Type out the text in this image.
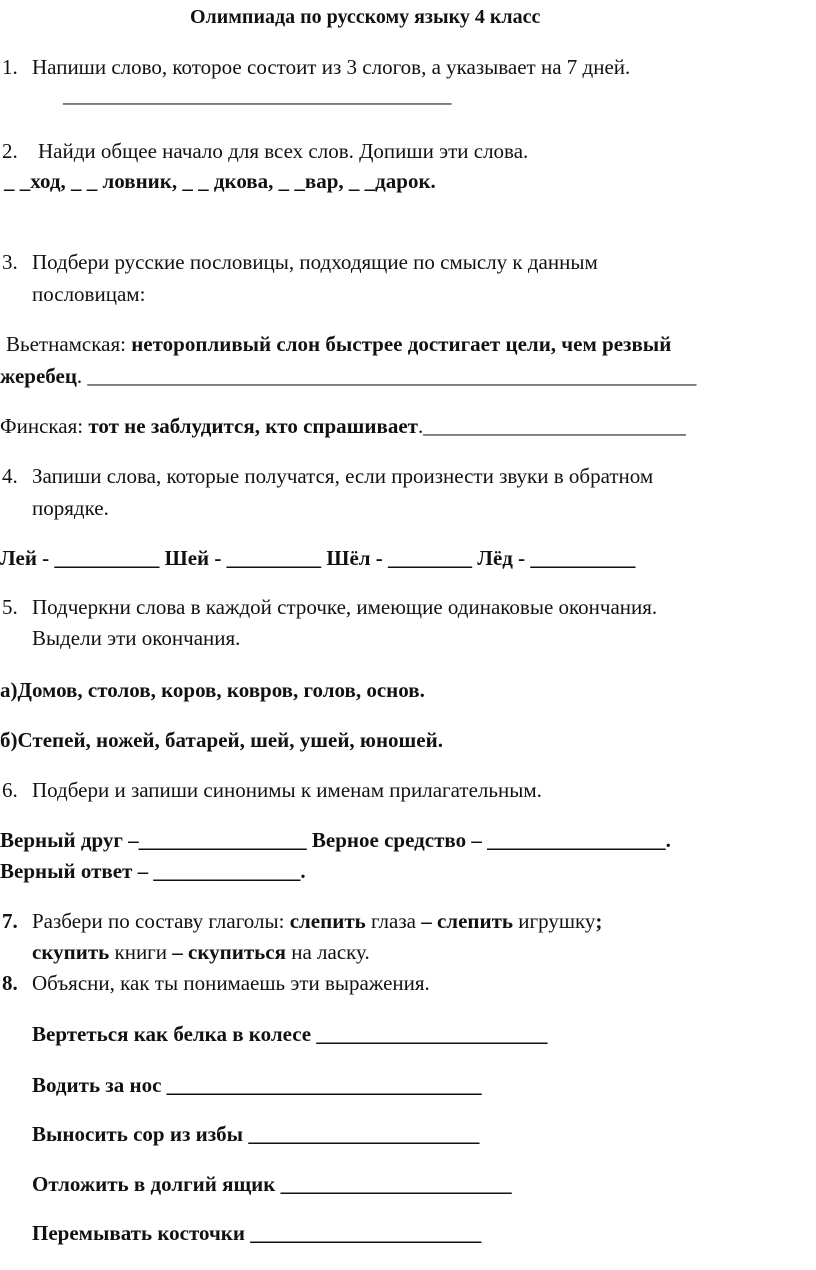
Олимпиада по русскому языку 4 класс
1. Напиши слово, которое состоит из 3 слогов, а указывает на 7 дней.
_____________________________________
2. Найди общее начало для всех слов. Допиши эти слова.
_ _ход, _ _ ловник, _ _ дкова, _ _вар, _ _дарок.
3. Подбери русские пословицы, подходящие по смыслу к данным
пословицам:
Вьетнамская: неторопливый слон быстрее достигает цели, чем резвый
жеребец. __________________________________________________________
Финская: тот не заблудится, кто спрашивает._________________________
4. Запиши слова, которые получатся, если произнести звуки в обратном
порядке.
Лей - __________ Шей - _________ Шёл - ________ Лёд - __________
5. Подчеркни слова в каждой строчке, имеющие одинаковые окончания.
Выдели эти окончания.
а)Домов, столов, коров, ковров, голов, основ.
б)Степей, ножей, батарей, шей, ушей, юношей.
6. Подбери и запиши синонимы к именам прилагательным.
Верный друг –________________ Верное средство – _________________.
Верный ответ – ______________.
7. Разбери по составу глаголы: слепить глаза – слепить игрушку;
скупить книги – скупиться на ласку.
8. Объясни, как ты понимаешь эти выражения.
Вертеться как белка в колесе ______________________
Водить за нос ______________________________
Выносить сор из избы ______________________
Отложить в долгий ящик ______________________
Перемывать косточки ______________________
